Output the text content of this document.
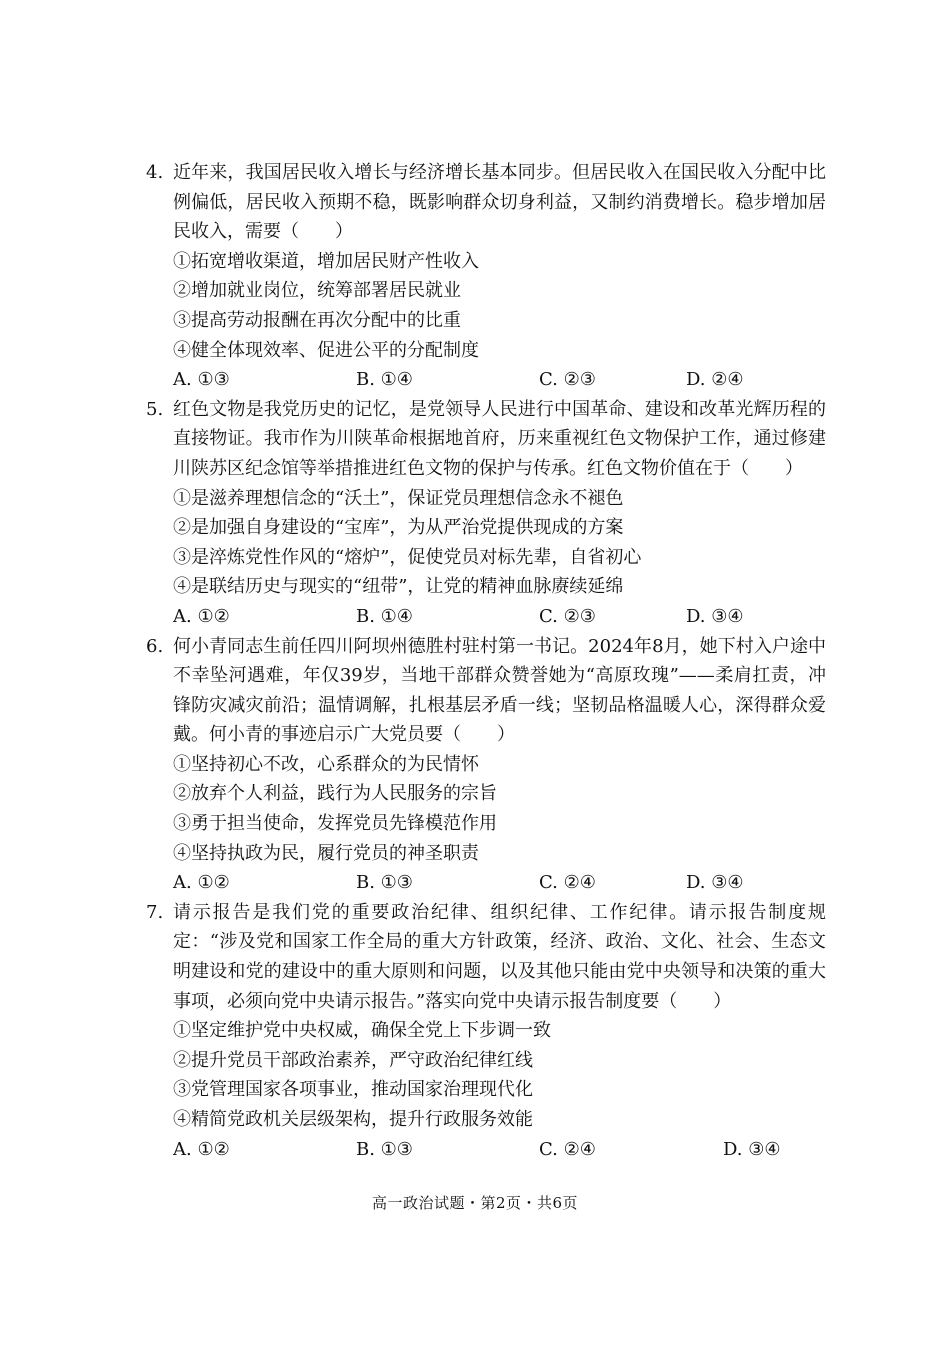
4. 近年来，我国居民收入增长与经济增长基本同步。但居民收入在国民收入分配中比例偏低，居民收入预期不稳，既影响群众切身利益，又制约消费增长。稳步增加居民收入，需要（　　）
①拓宽增收渠道，增加居民财产性收入
②增加就业岗位，统筹部署居民就业
③提高劳动报酬在再次分配中的比重
④健全体现效率、促进公平的分配制度
A. ①③	B. ①④	C. ②③	D. ②④
5. 红色文物是我党历史的记忆，是党领导人民进行中国革命、建设和改革光辉历程的直接物证。我市作为川陕革命根据地首府，历来重视红色文物保护工作，通过修建川陕苏区纪念馆等举措推进红色文物的保护与传承。红色文物价值在于（　　）
①是滋养理想信念的“沃土”，保证党员理想信念永不褪色
②是加强自身建设的“宝库”，为从严治党提供现成的方案
③是淬炼党性作风的“熔炉”，促使党员对标先辈，自省初心
④是联结历史与现实的“纽带”，让党的精神血脉赓续延绵
A. ①②	B. ①④	C. ②③	D. ③④
6. 何小青同志生前任四川阿坝州德胜村驻村第一书记。2024年8月，她下村入户途中不幸坠河遇难，年仅39岁，当地干部群众赞誉她为“高原玫瑰”——柔肩扛责，冲锋防灾减灾前沿；温情调解，扎根基层矛盾一线；坚韧品格温暖人心，深得群众爱戴。何小青的事迹启示广大党员要（　　）
①坚持初心不改，心系群众的为民情怀
②放弃个人利益，践行为人民服务的宗旨
③勇于担当使命，发挥党员先锋模范作用
④坚持执政为民，履行党员的神圣职责
A. ①②	B. ①③	C. ②④	D. ③④
7. 请示报告是我们党的重要政治纪律、组织纪律、工作纪律。请示报告制度规定：“涉及党和国家工作全局的重大方针政策，经济、政治、文化、社会、生态文明建设和党的建设中的重大原则和问题，以及其他只能由党中央领导和决策的重大事项，必须向党中央请示报告。”落实向党中央请示报告制度要（　　）
①坚定维护党中央权威，确保全党上下步调一致
②提升党员干部政治素养，严守政治纪律红线
③党管理国家各项事业，推动国家治理现代化
④精简党政机关层级架构，提升行政服务效能
A. ①②	B. ①③	C. ②④	D. ③④
高一政治试题・第2页・共6页
